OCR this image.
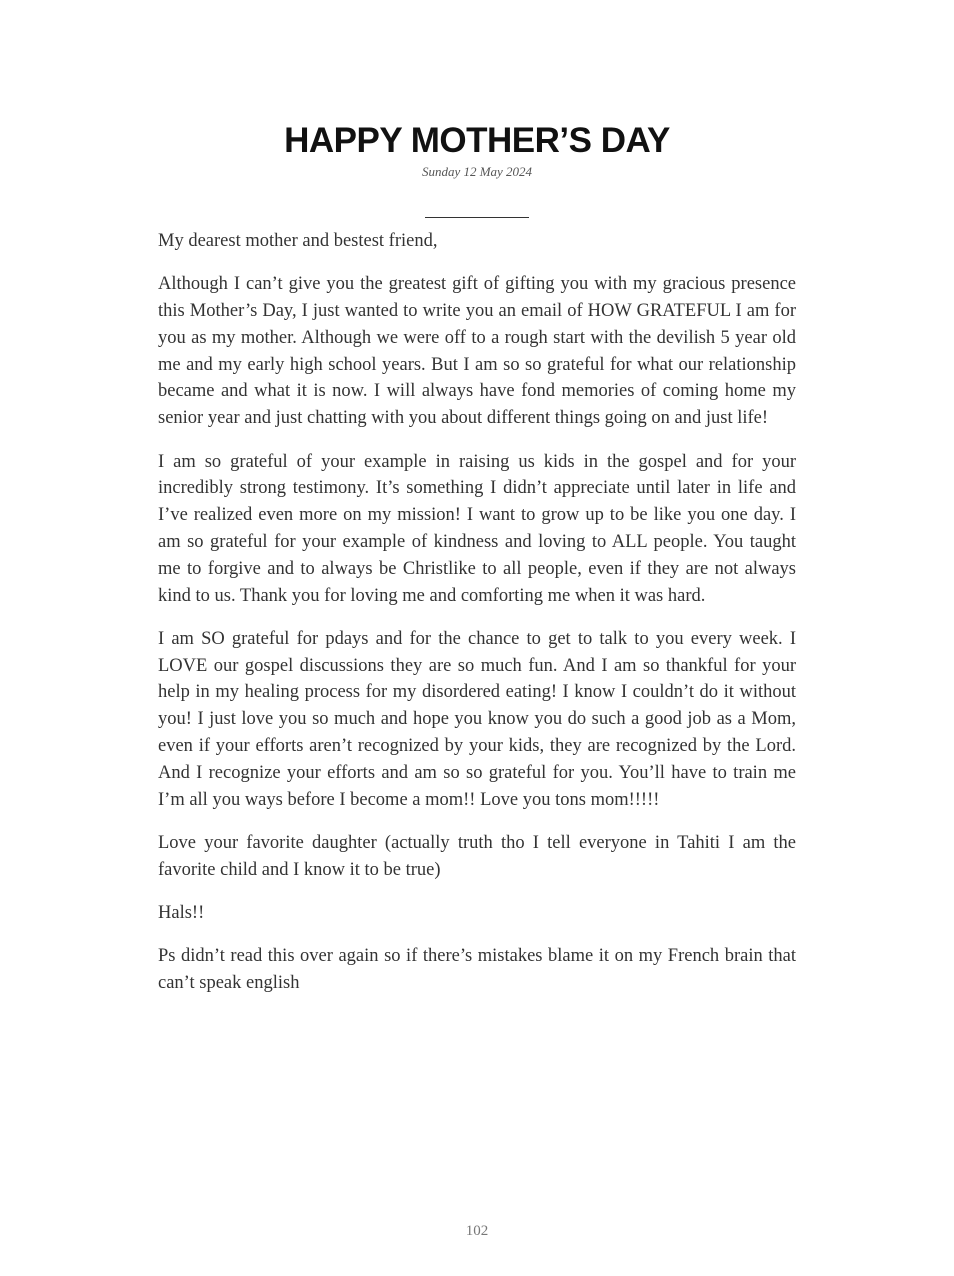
HAPPY MOTHER’S DAY
Sunday 12 May 2024

My dearest mother and bestest friend,

Although I can’t give you the greatest gift of gifting you with my gracious presence this Mother’s Day, I just wanted to write you an email of HOW GRATEFUL I am for you as my mother. Although we were off to a rough start with the devilish 5 year old me and my early high school years. But I am so so grateful for what our relationship became and what it is now. I will always have fond memories of coming home my senior year and just chatting with you about different things going on and just life!

I am so grateful of your example in raising us kids in the gospel and for your incredibly strong testimony. It’s something I didn’t appreciate until later in life and I’ve realized even more on my mission! I want to grow up to be like you one day. I am so grateful for your example of kindness and loving to ALL people. You taught me to forgive and to always be Christlike to all people, even if they are not always kind to us. Thank you for loving me and comforting me when it was hard.

I am SO grateful for pdays and for the chance to get to talk to you every week. I LOVE our gospel discussions they are so much fun. And I am so thankful for your help in my healing process for my disordered eating! I know I couldn’t do it without you! I just love you so much and hope you know you do such a good job as a Mom, even if your efforts aren’t recognized by your kids, they are recognized by the Lord. And I recognize your efforts and am so so grateful for you. You’ll have to train me I’m all you ways before I become a mom!! Love you tons mom!!!!!

Love your favorite daughter (actually truth tho I tell everyone in Tahiti I am the favorite child and I know it to be true)

Hals!!

Ps didn’t read this over again so if there’s mistakes blame it on my French brain that can’t speak english

102
